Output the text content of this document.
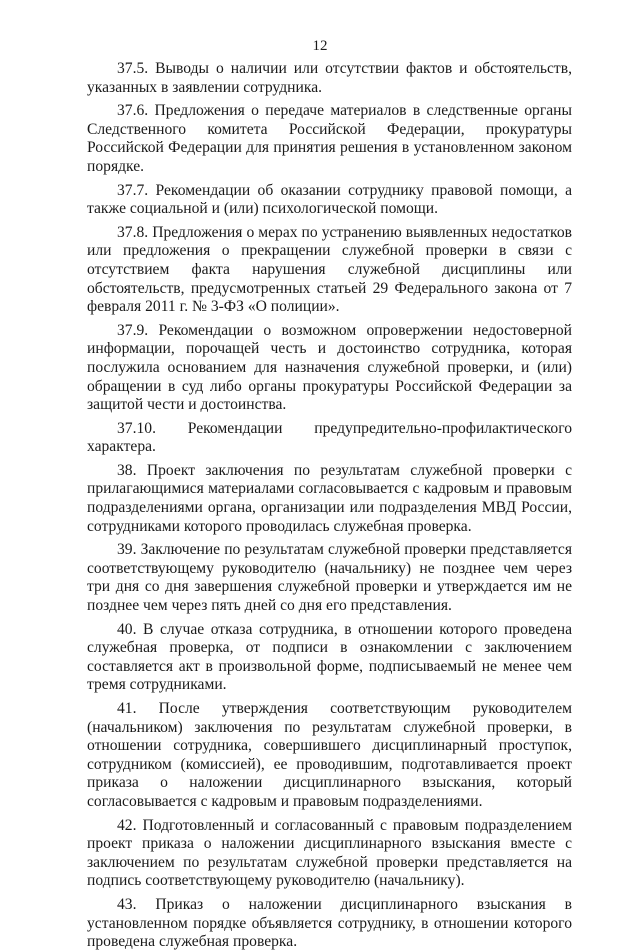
12

37.5. Выводы о наличии или отсутствии фактов и обстоятельств, указанных в заявлении сотрудника.

37.6. Предложения о передаче материалов в следственные органы Следственного комитета Российской Федерации, прокуратуры Российской Федерации для принятия решения в установленном законом порядке.

37.7. Рекомендации об оказании сотруднику правовой помощи, а также социальной и (или) психологической помощи.

37.8. Предложения о мерах по устранению выявленных недостатков или предложения о прекращении служебной проверки в связи с отсутствием факта нарушения служебной дисциплины или обстоятельств, предусмотренных статьей 29 Федерального закона от 7 февраля 2011 г. № 3-ФЗ «О полиции».

37.9. Рекомендации о возможном опровержении недостоверной информации, порочащей честь и достоинство сотрудника, которая послужила основанием для назначения служебной проверки, и (или) обращении в суд либо органы прокуратуры Российской Федерации за защитой чести и достоинства.

37.10. Рекомендации предупредительно-профилактического характера.

38. Проект заключения по результатам служебной проверки с прилагающимися материалами согласовывается с кадровым и правовым подразделениями органа, организации или подразделения МВД России, сотрудниками которого проводилась служебная проверка.

39. Заключение по результатам служебной проверки представляется соответствующему руководителю (начальнику) не позднее чем через три дня со дня завершения служебной проверки и утверждается им не позднее чем через пять дней со дня его представления.

40. В случае отказа сотрудника, в отношении которого проведена служебная проверка, от подписи в ознакомлении с заключением составляется акт в произвольной форме, подписываемый не менее чем тремя сотрудниками.

41. После утверждения соответствующим руководителем (начальником) заключения по результатам служебной проверки, в отношении сотрудника, совершившего дисциплинарный проступок, сотрудником (комиссией), ее проводившим, подготавливается проект приказа о наложении дисциплинарного взыскания, который согласовывается с кадровым и правовым подразделениями.

42. Подготовленный и согласованный с правовым подразделением проект приказа о наложении дисциплинарного взыскания вместе с заключением по результатам служебной проверки представляется на подпись соответствующему руководителю (начальнику).

43. Приказ о наложении дисциплинарного взыскания в установленном порядке объявляется сотруднику, в отношении которого проведена служебная проверка.
